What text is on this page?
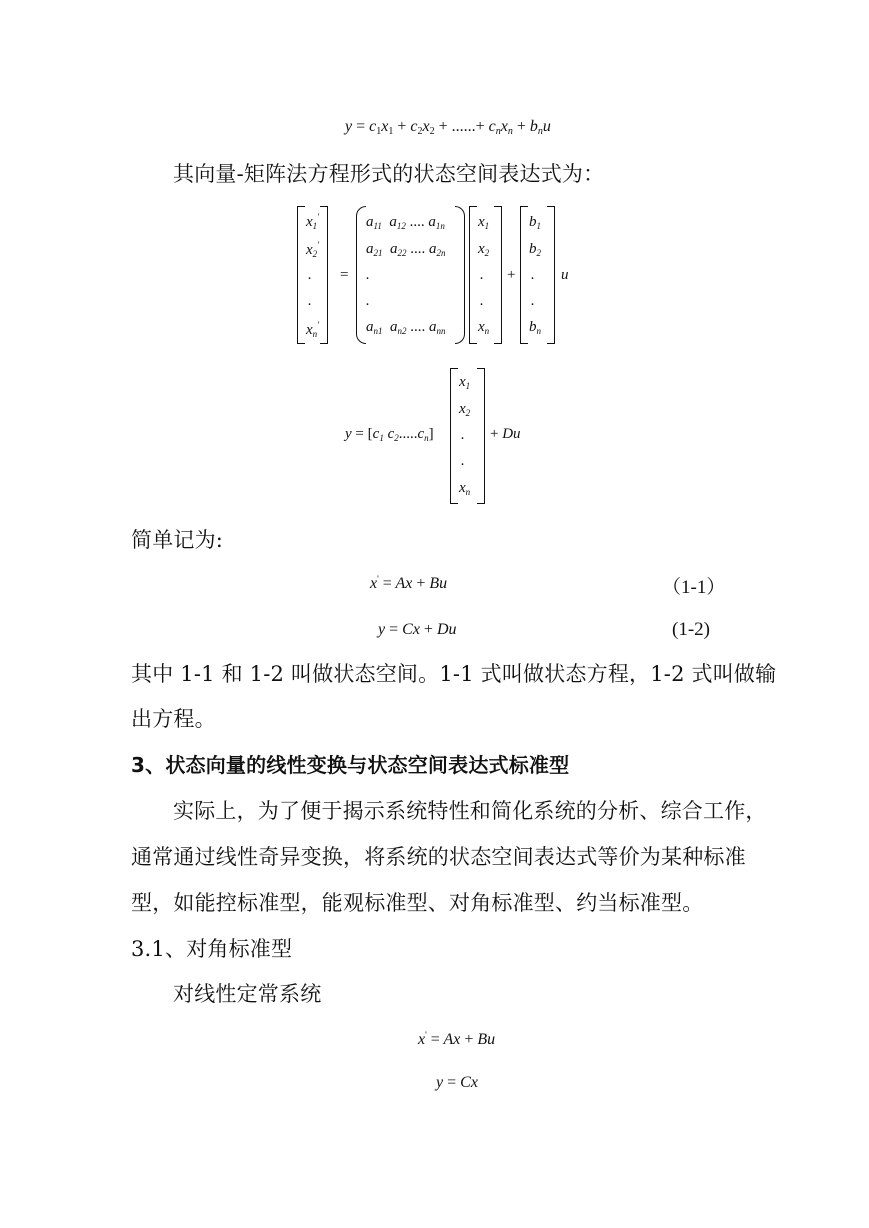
$y = c_1x_1 + c_2x_2$ + ......+ $c_nx_n + b_nu$
其向量-矩阵法方程形式的状态空间表达式为：
$x_1'$
$x_2'$
.
.
$x_n'$
=
$a_{11}$  $a_{12}$ .... $a_{1n}$
$a_{21}$  $a_{22}$ .... $a_{2n}$
.
.
$a_{n1}$  $a_{n2}$ .... $a_{nn}$
$x_1$
$x_2$
.
.
$x_n$
+
$b_1$
$b_2$
.
.
$b_n$
u
$y = [c_1$ $c_2.....c_n$]
$x_1$
$x_2$
.
.
$x_n$
+ Du
简单记为:
x' = Ax + Bu	（1-1）
y = Cx + Du	(1-2)
其中 1-1 和 1-2 叫做状态空间。1-1 式叫做状态方程，1-2 式叫做输
出方程。
3、状态向量的线性变换与状态空间表达式标准型
实际上，为了便于揭示系统特性和简化系统的分析、综合工作，
通常通过线性奇异变换，将系统的状态空间表达式等价为某种标准
型，如能控标准型，能观标准型、对角标准型、约当标准型。
3.1、对角标准型
对线性定常系统
x' = Ax + Bu
y = Cx
